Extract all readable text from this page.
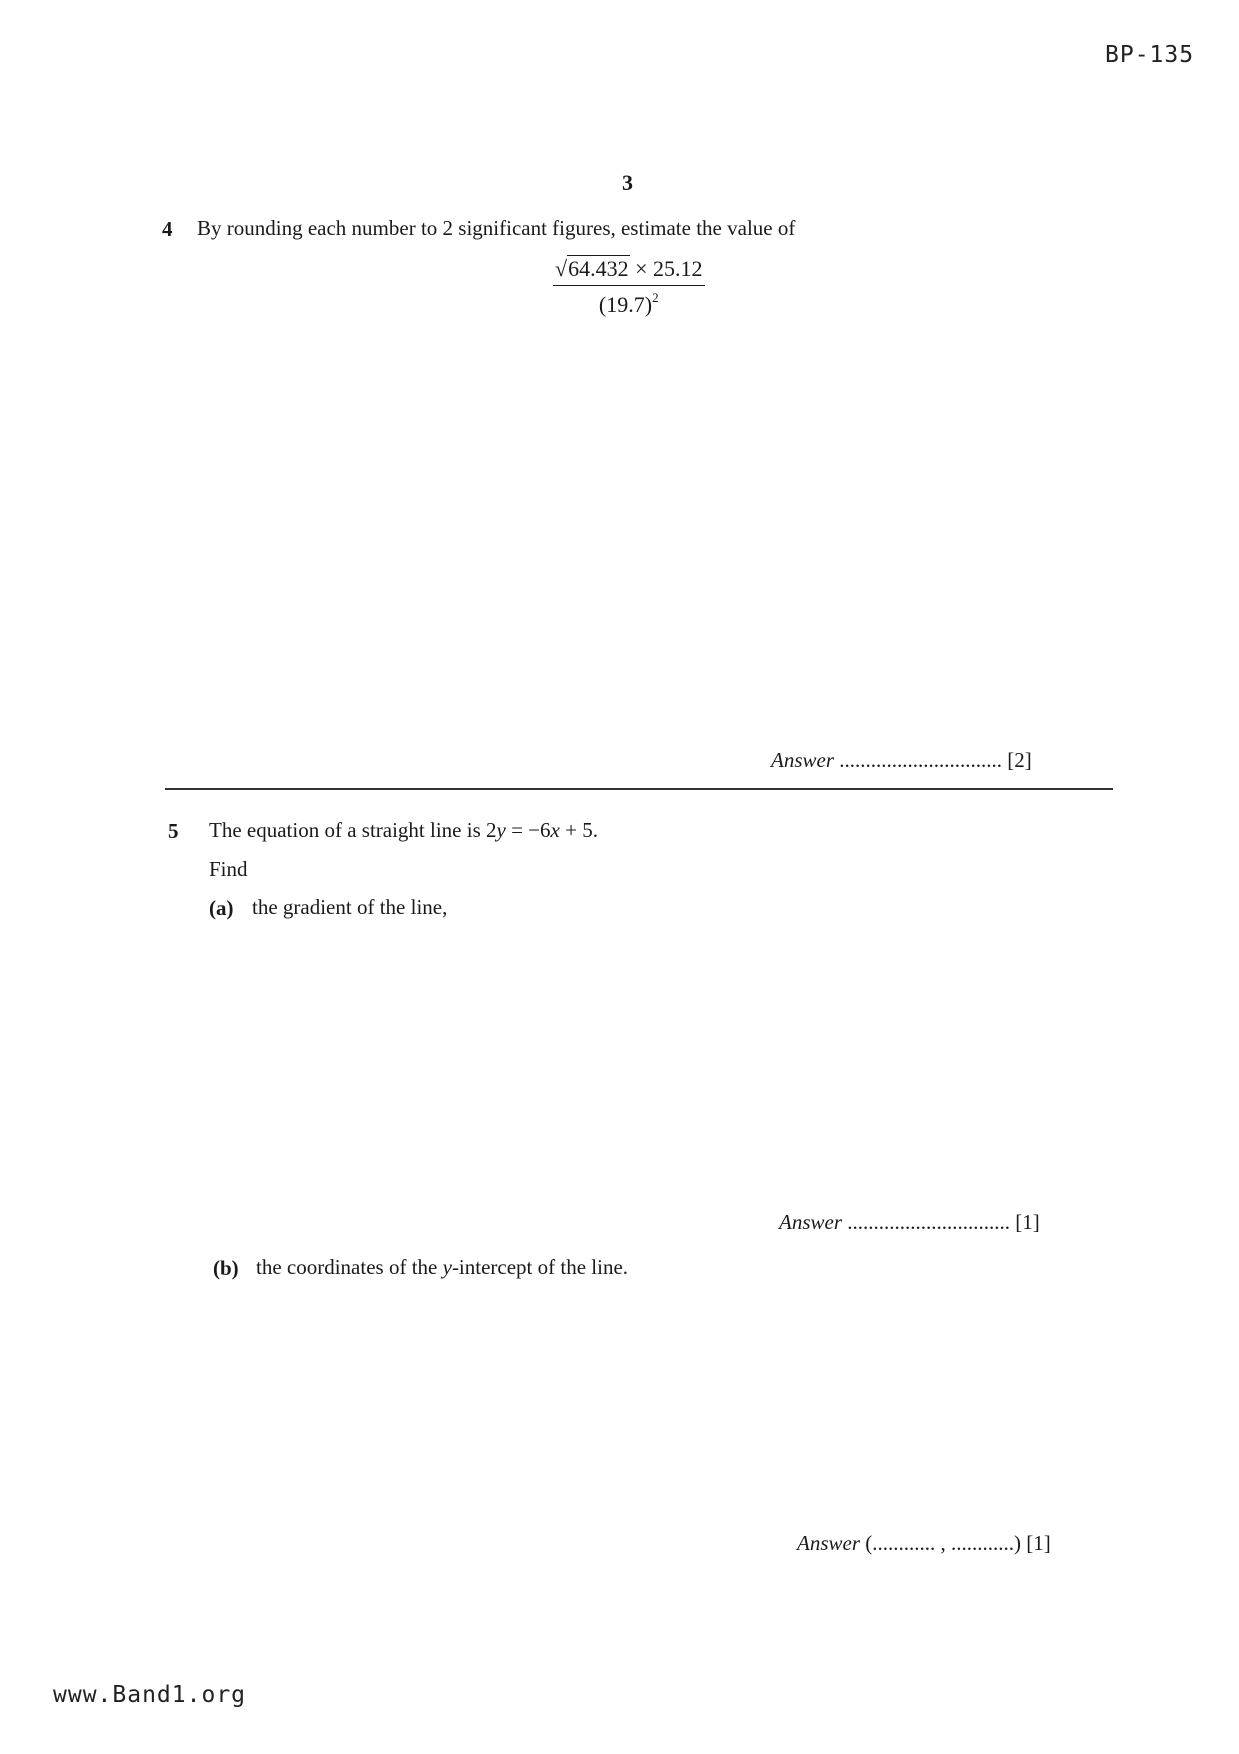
BP-135
3
4 By rounding each number to 2 significant figures, estimate the value of
$\frac{√64.432 \times 25.12}{(19.7)^2}$
Answer ............................... [2]
5 The equation of a straight line is 2y = −6x + 5.
Find
(a) the gradient of the line,
Answer ............................... [1]
(b) the coordinates of the y-intercept of the line.
Answer (............ , ............) [1]
www.Band1.org
